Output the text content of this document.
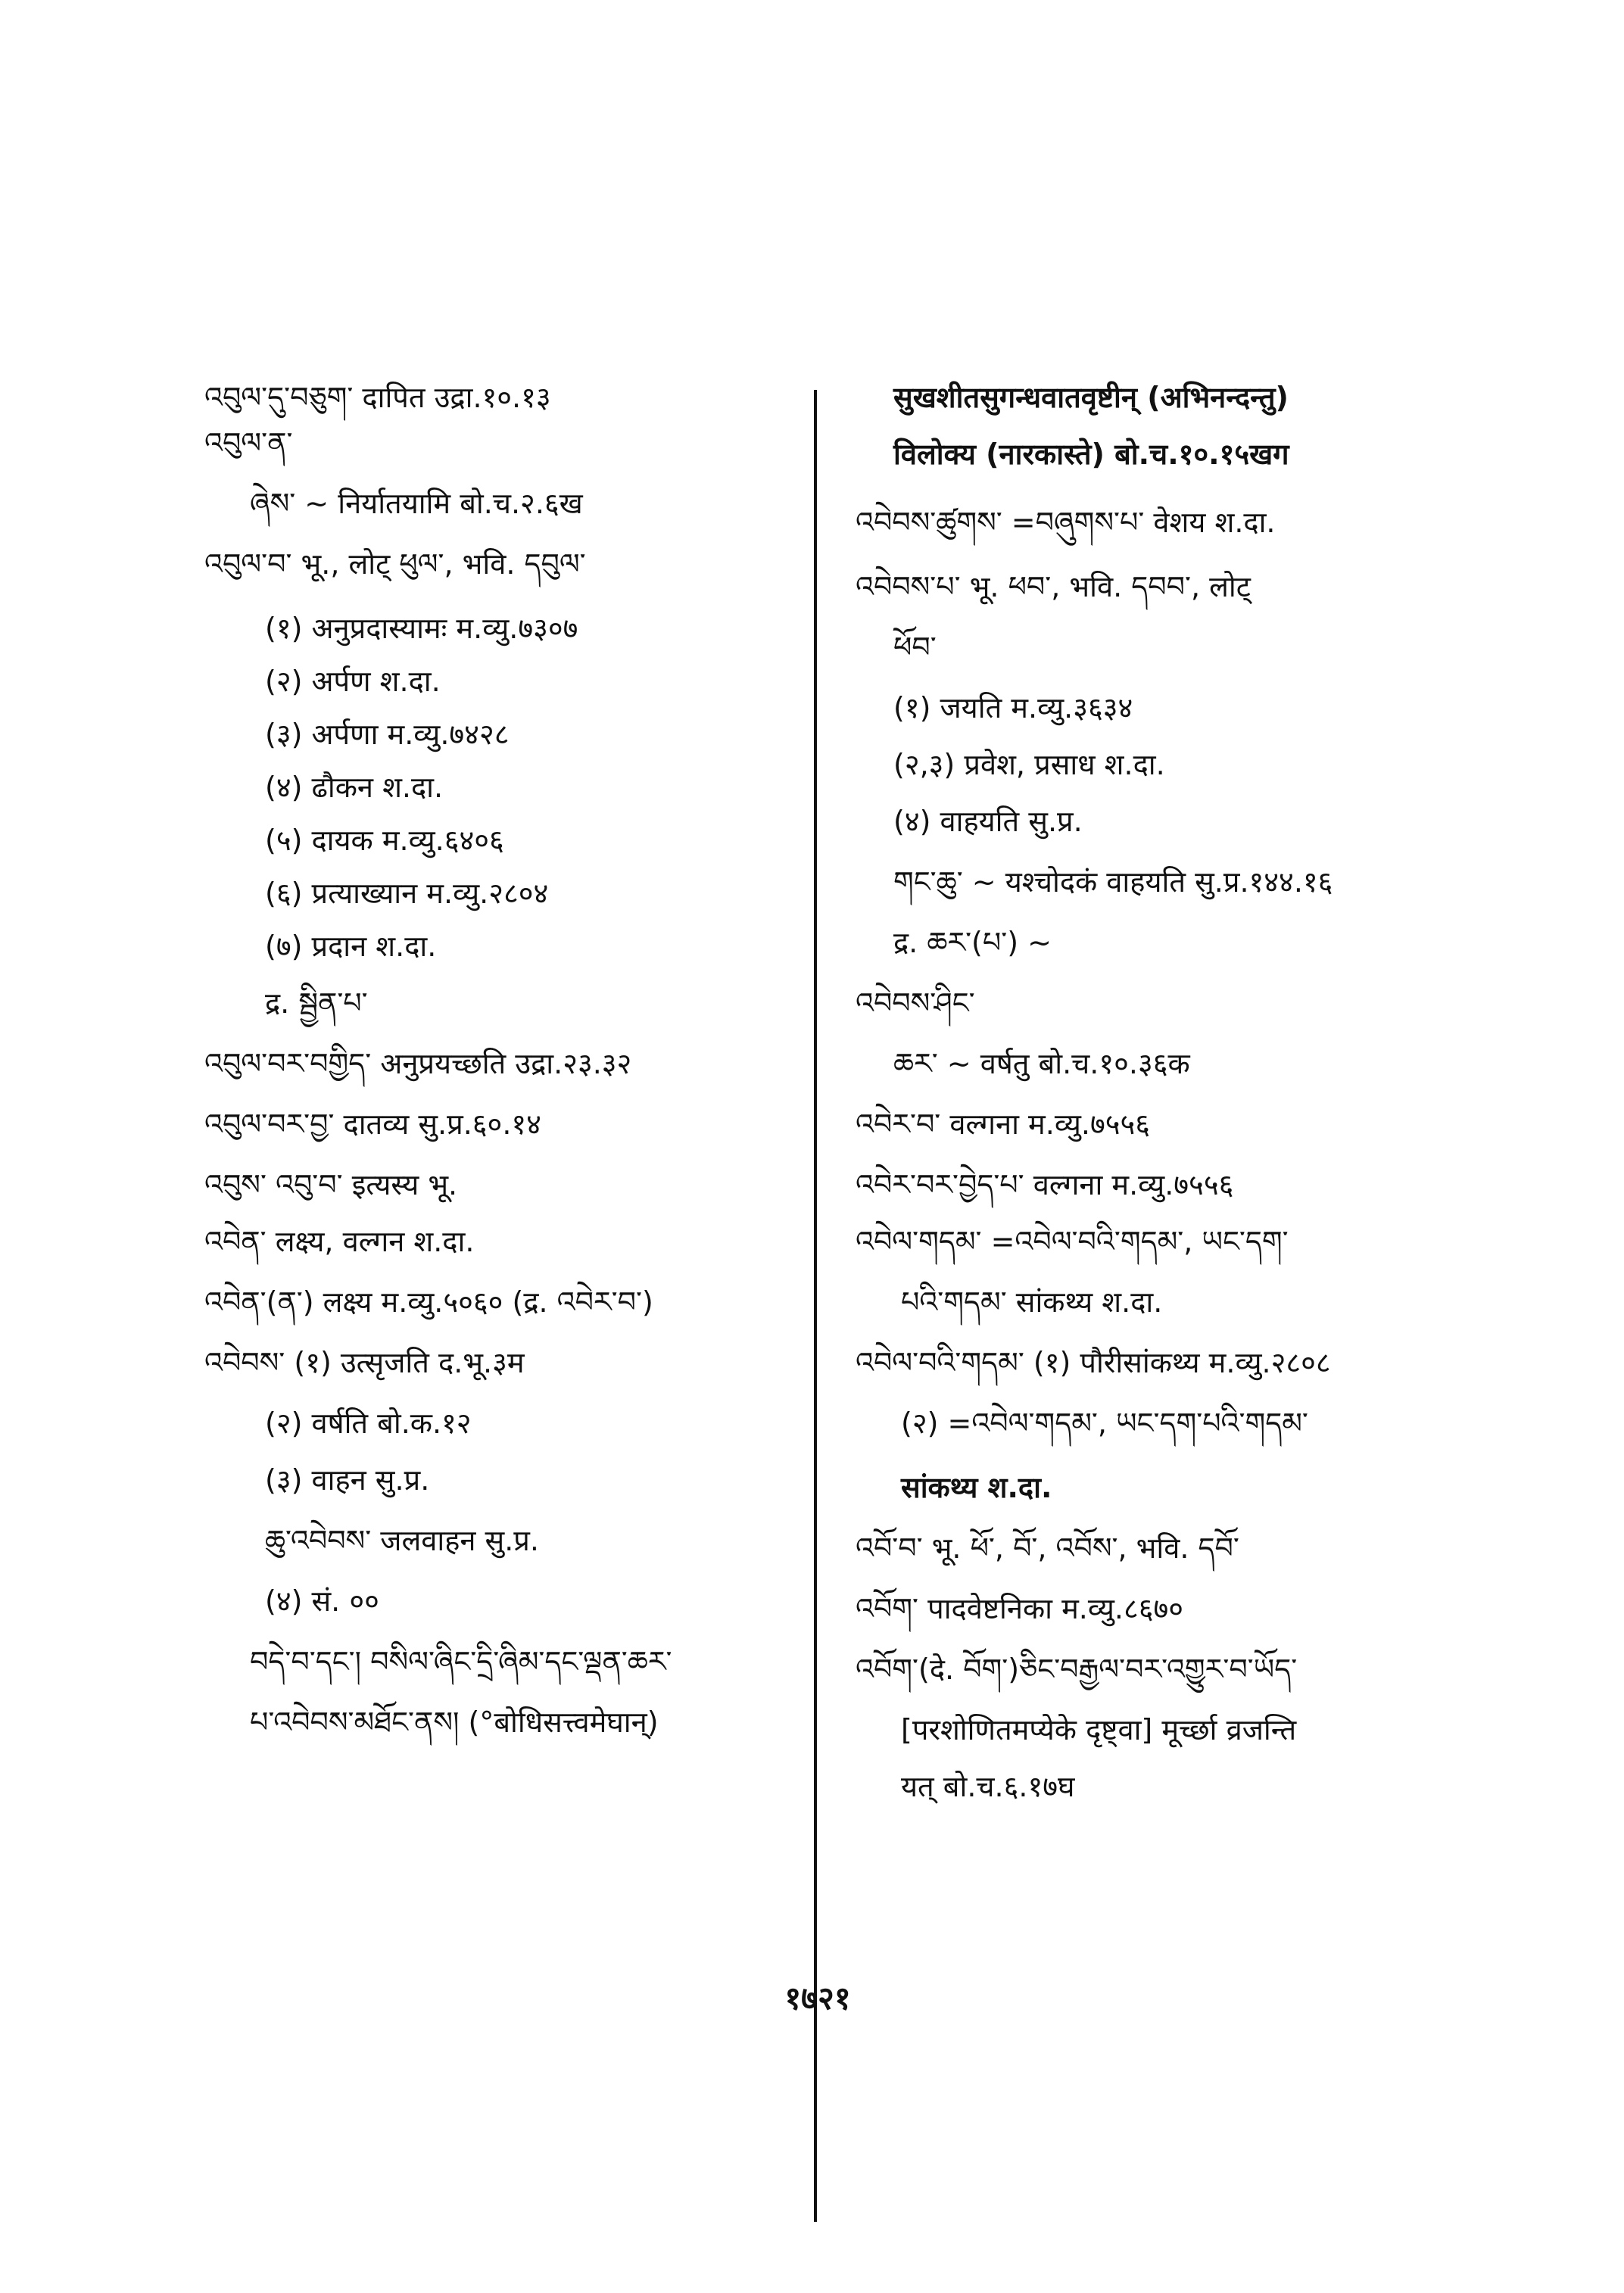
འབུལ་དུ་བཅུག་ दापित उद्रा.१०.१३
འབུལ་ན་
ཞེས་ ~ निर्यातयामि बो.च.२.६ख
འབུལ་བ་ भू., लोट् ཕུལ་, भवि. དབུལ་
(१) अनुप्रदास्यामः म.व्यु.७३०७
(२) अर्पण श.दा.
(३) अर्पणा म.व्यु.७४२८
(४) ढौकन श.दा.
(५) दायक म.व्यु.६४०६
(६) प्रत्याख्यान म.व्यु.२८०४
(७) प्रदान श.दा.
द्र. སྦྱིན་པ་
འབུལ་བར་བགྱིད་ अनुप्रयच्छति उद्रा.२३.३२
འབུལ་བར་བྱ་ दातव्य सु.प्र.६०.१४
འབུས་ འབུ་བ་ इत्यस्य भू.
འབེན་ लक्ष्य, वल्गन श.दा.
འབེན་(ན་) लक्ष्य म.व्यु.५०६० (द्र. འབེར་བ་)
འབེབས་ (१) उत्सृजति द.भू.३म
(२) वर्षति बो.क.१२
(३) वाहन सु.प्र.
ཆུ་འབེབས་ जलवाहन सु.प्र.
(४) सं. ००
བདེ་བ་དང་། བསིལ་ཞིང་དྲི་ཞིམ་དང་ལྡན་ཆར་
པ་འབེབས་མཐོང་ནས། (°बोधिसत्त्वमेघान्)
सुखशीतसुगन्धवातवृष्टीन् (अभिनन्दन्तु)
विलोक्य (नारकास्ते) बो.च.१०.१५खग
འབེབས་ཚུགས་ =བཞུགས་པ་ वेशय श.दा.
འབེབས་པ་ भू. ཕབ་, भवि. དབབ་, लोट्
ཕོབ་
(१) जयति म.व्यु.३६३४
(२,३) प्रवेश, प्रसाध श.दा.
(४) वाहयति सु.प्र.
གང་ཆུ་ ~ यश्चोदकं वाहयति सु.प्र.१४४.१६
द्र. ཆར་(པ་) ~
འབེབས་ཤིང་
ཆར་ ~ वर्षतु बो.च.१०.३६क
འབེར་བ་ वल्गना म.व्यु.७५५६
འབེར་བར་བྱེད་པ་ वल्गना म.व्यु.७५५६
འབེལ་གདམ་ =འབེལ་བའི་གདམ་, ཡང་དག་
པའི་གདམ་ सांकथ्य श.दा.
འབེལ་བའི་གདམ་ (१) पौरीसांकथ्य म.व्यु.२८०८
(२) =འབེལ་གདམ་, ཡང་དག་པའི་གདམ་
सांकथ्य श.दा.
འབོ་བ་ भू. ཕོ་, བོ་, འབོས་, भवि. དབོ་
འབོག་ पादवेष्टनिका म.व्यु.८६७०
འབོག་(दे. བོག་)ཅིང་བརྒྱལ་བར་འགྱུར་བ་ཡོད་
[परशोणितमप्येके दृष्ट्वा] मूर्च्छा व्रजन्ति
यत् बो.च.६.१७घ
१७२१
